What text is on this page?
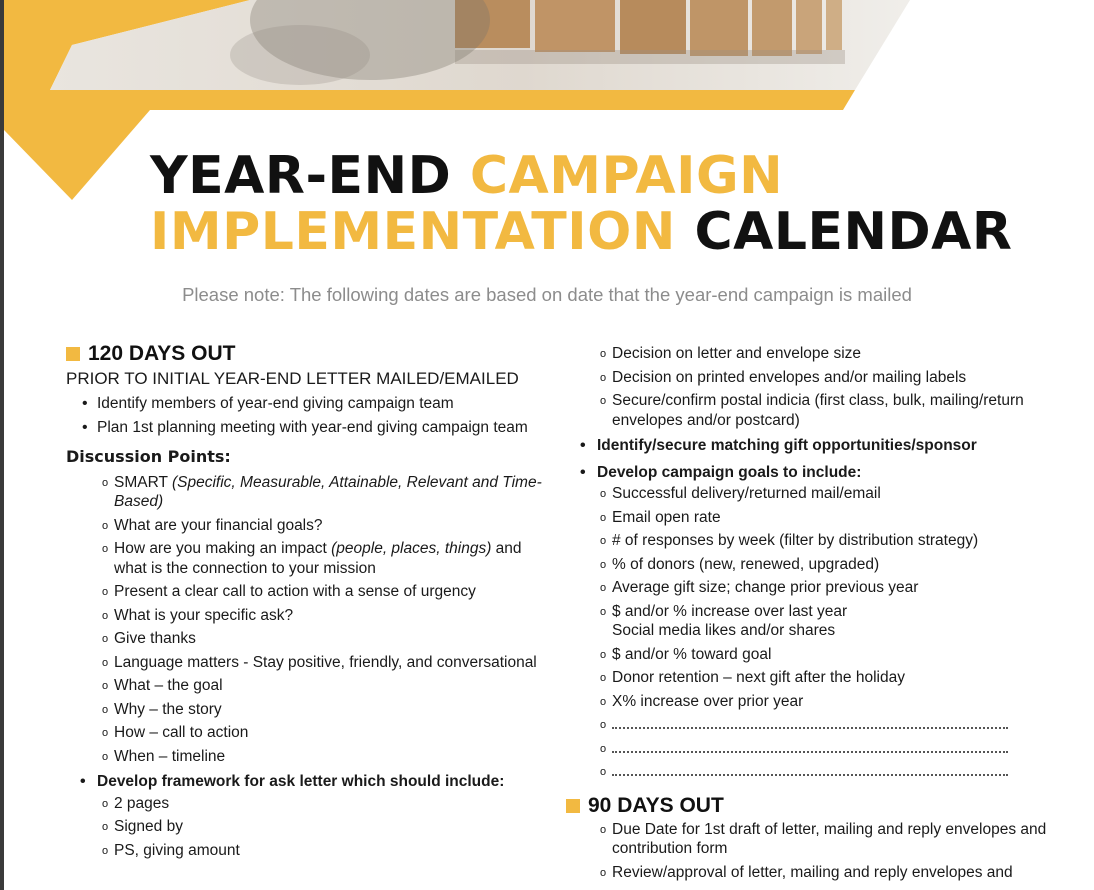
YEAR-END CAMPAIGN
IMPLEMENTATION CALENDAR

Please note: The following dates are based on date that the year-end campaign is mailed

120 DAYS OUT

PRIOR TO INITIAL YEAR-END LETTER MAILED/EMAILED

• Identify members of year-end giving campaign team
• Plan 1st planning meeting with year-end giving campaign team
Discussion Points:
o SMART (Specific, Measurable, Attainable, Relevant and Time-Based)
o What are your financial goals?
o How are you making an impact (people, places, things) and what is the connection to your mission
o Present a clear call to action with a sense of urgency
o What is your specific ask?
o Give thanks
o Language matters - Stay positive, friendly, and conversational
o What – the goal
o Why – the story
o How – call to action
o When – timeline
• Develop framework for ask letter which should include:
o 2 pages
o Signed by
o PS, giving amount
o Decision on letter and envelope size
o Decision on printed envelopes and/or mailing labels
o Secure/confirm postal indicia (first class, bulk, mailing/return envelopes and/or postcard)
• Identify/secure matching gift opportunities/sponsor
• Develop campaign goals to include:
o Successful delivery/returned mail/email
o Email open rate
o # of responses by week (filter by distribution strategy)
o % of donors (new, renewed, upgraded)
o Average gift size; change prior previous year
o $ and/or % increase over last year
Social media likes and/or shares
o $ and/or % toward goal
o Donor retention – next gift after the holiday
o X% increase over prior year
o
o
o
90 DAYS OUT
o Due Date for 1st draft of letter, mailing and reply envelopes and contribution form
o Review/approval of letter, mailing and reply envelopes and
